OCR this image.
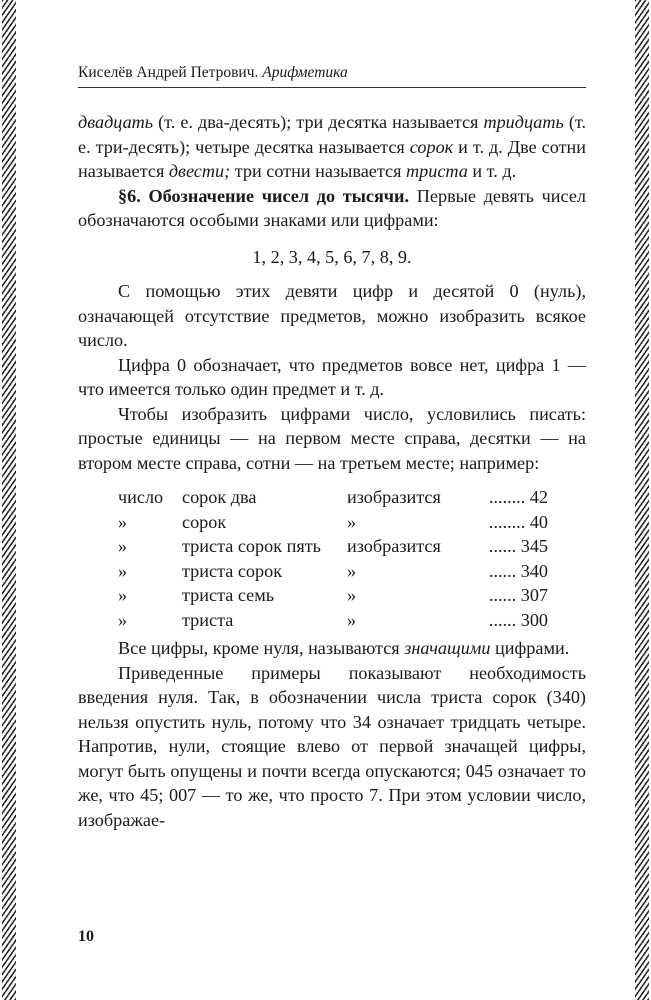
Киселёв Андрей Петрович. Арифметика

двадцать (т. е. два-десять); три десятка называется тридцать (т. е. три-десять); четыре десятка называется сорок и т. д. Две сотни называется двести; три сотни называется триста и т. д.

§6. Обозначение чисел до тысячи. Первые девять чисел обозначаются особыми знаками или цифрами:

1, 2, 3, 4, 5, 6, 7, 8, 9.

С помощью этих девяти цифр и десятой 0 (нуль), означающей отсутствие предметов, можно изобразить всякое число.

Цифра 0 обозначает, что предметов вовсе нет, цифра 1 — что имеется только один предмет и т. д.

Чтобы изобразить цифрами число, условились писать: простые единицы — на первом месте справа, десятки — на втором месте справа, сотни — на третьем месте; например:

число	сорок два	изобразится	........ 42
»	сорок	»	........ 40
»	триста сорок пять	изобразится	...... 345
»	триста сорок	»	...... 340
»	триста семь	»	...... 307
»	триста	»	...... 300

Все цифры, кроме нуля, называются значащими цифрами.

Приведенные примеры показывают необходимость введения нуля. Так, в обозначении числа триста сорок (340) нельзя опустить нуль, потому что 34 означает тридцать четыре. Напротив, нули, стоящие влево от первой значащей цифры, могут быть опущены и почти всегда опускаются; 045 означает то же, что 45; 007 — то же, что просто 7. При этом условии число, изображае-

10
